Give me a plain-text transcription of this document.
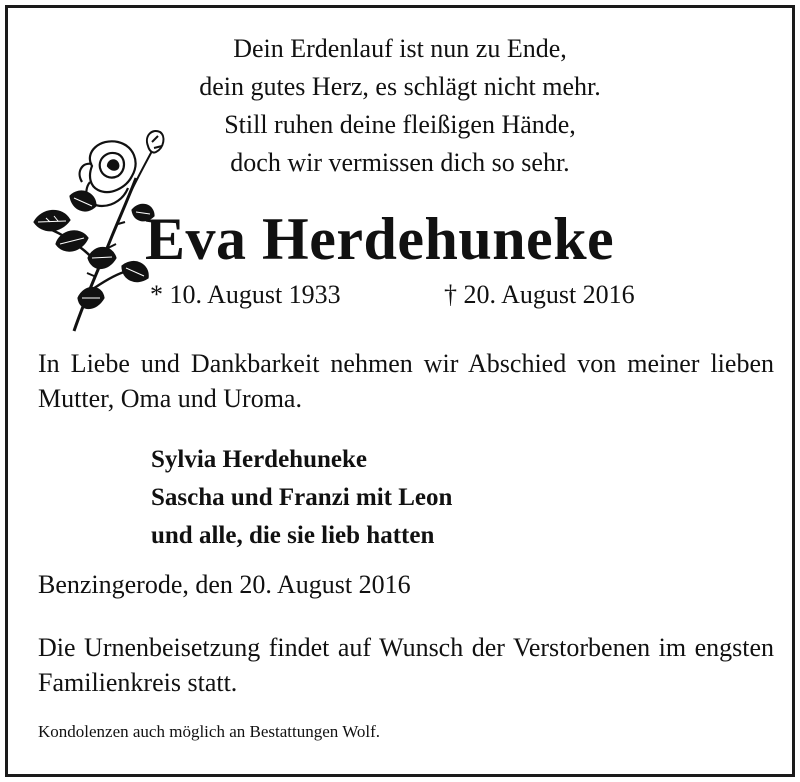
Dein Erdenlauf ist nun zu Ende,
dein gutes Herz, es schlägt nicht mehr.
Still ruhen deine fleißigen Hände,
doch wir vermissen dich so sehr.
Eva Herdehuneke
* 10. August 1933	† 20. August 2016
In Liebe und Dankbarkeit nehmen wir Abschied von meiner lieben Mutter, Oma und Uroma.
Sylvia Herdehuneke
Sascha und Franzi mit Leon
und alle, die sie lieb hatten
Benzingerode, den 20. August 2016
Die Urnenbeisetzung findet auf Wunsch der Verstorbenen im engsten Familienkreis statt.
Kondolenzen auch möglich an Bestattungen Wolf.
